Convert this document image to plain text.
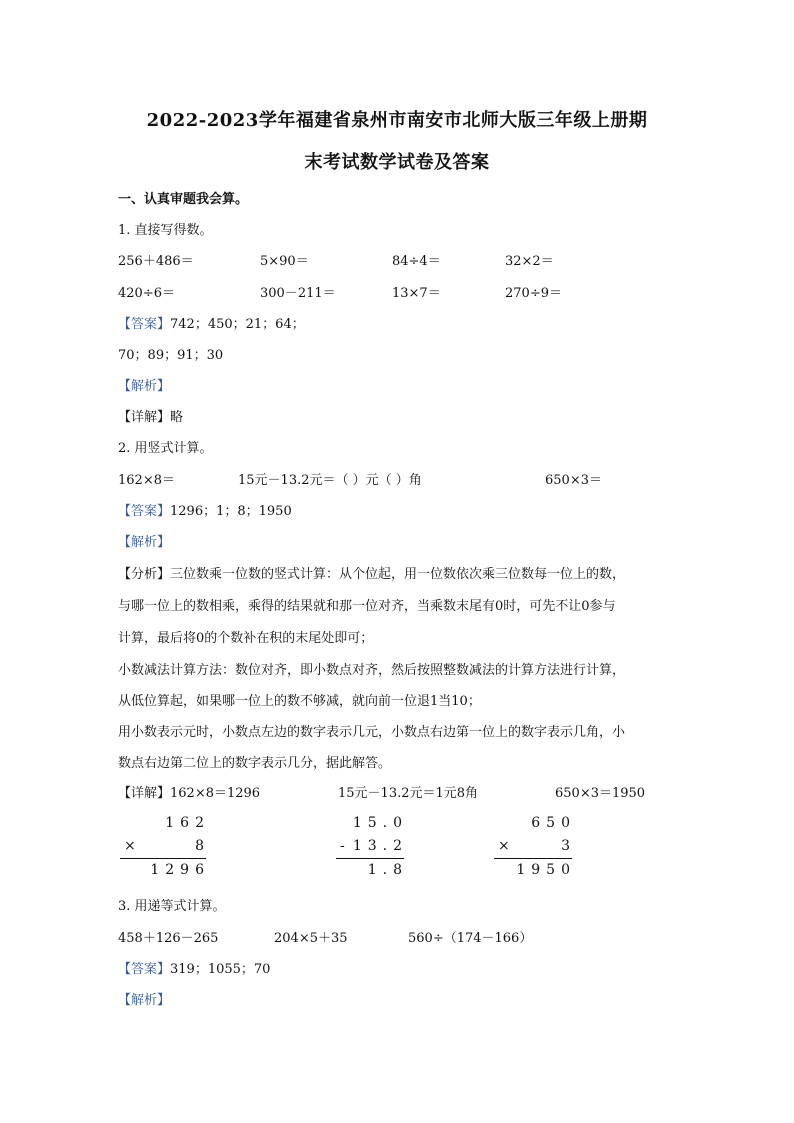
2022-2023学年福建省泉州市南安市北师大版三年级上册期
末考试数学试卷及答案
一、认真审题我会算。
1. 直接写得数。
256＋486＝	5×90＝	84÷4＝	32×2＝
420÷6＝	300－211＝	13×7＝	270÷9＝
【答案】742；450；21；64；
70；89；91；30
【解析】
【详解】略
2. 用竖式计算。
162×8＝	15元－13.2元＝（ ）元（ ）角	650×3＝
【答案】1296；1；8；1950
【解析】
【分析】三位数乘一位数的竖式计算：从个位起，用一位数依次乘三位数每一位上的数，
与哪一位上的数相乘，乘得的结果就和那一位对齐，当乘数末尾有0时，可先不让0参与
计算，最后将0的个数补在积的末尾处即可；
小数减法计算方法：数位对齐，即小数点对齐，然后按照整数减法的计算方法进行计算，
从低位算起，如果哪一位上的数不够减，就向前一位退1当10；
用小数表示元时，小数点左边的数字表示几元，小数点右边第一位上的数字表示几角，小
数点右边第二位上的数字表示几分，据此解答。
【详解】162×8＝1296	15元－13.2元＝1元8角	650×3＝1950
162
×	8
1296
15.0
- 13.2
1.8
650
×	3
1950
3. 用递等式计算。
458＋126－265	204×5＋35	560÷（174－166）
【答案】319；1055；70
【解析】
